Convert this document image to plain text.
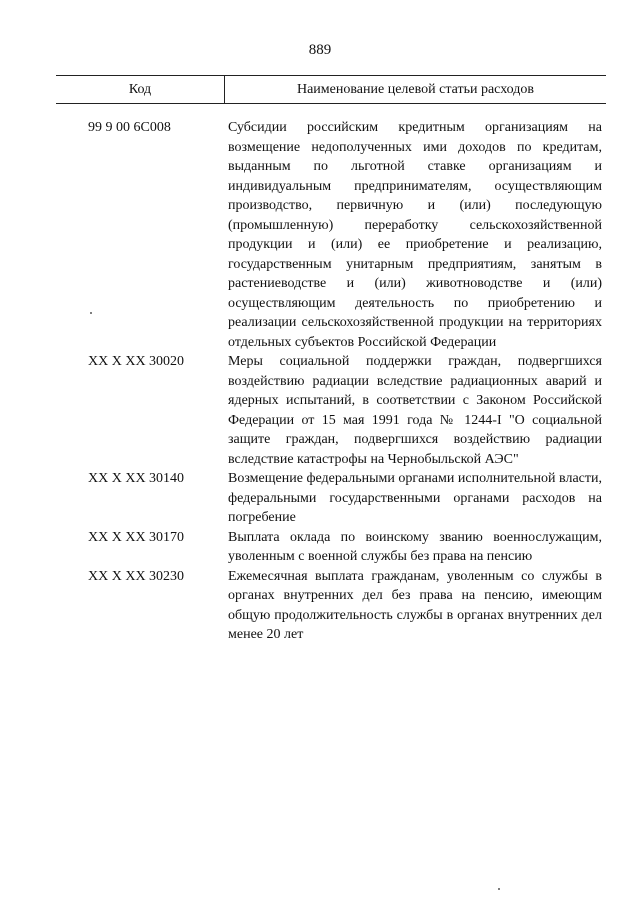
889
Код	Наименование целевой статьи расходов
99 9 00 6С008	Субсидии российским кредитным организациям на возмещение недополученных ими доходов по кредитам, выданным по льготной ставке организациям и индивидуальным предпринимателям, осуществляющим производство, первичную и (или) последующую (промышленную) переработку сельскохозяйственной продукции и (или) ее приобретение и реализацию, государственным унитарным предприятиям, занятым в растениеводстве и (или) животноводстве и (или) осуществляющим деятельность по приобретению и реализации сельскохозяйственной продукции на территориях отдельных субъектов Российской Федерации
XX X XX 30020	Меры социальной поддержки граждан, подвергшихся воздействию радиации вследствие радиационных аварий и ядерных испытаний, в соответствии с Законом Российской Федерации от 15 мая 1991 года № 1244-I "О социальной защите граждан, подвергшихся воздействию радиации вследствие катастрофы на Чернобыльской АЭС"
XX X XX 30140	Возмещение федеральными органами исполнительной власти, федеральными государственными органами расходов на погребение
XX X XX 30170	Выплата оклада по воинскому званию военнослужащим, уволенным с военной службы без права на пенсию
XX X XX 30230	Ежемесячная выплата гражданам, уволенным со службы в органах внутренних дел без права на пенсию, имеющим общую продолжительность службы в органах внутренних дел менее 20 лет
